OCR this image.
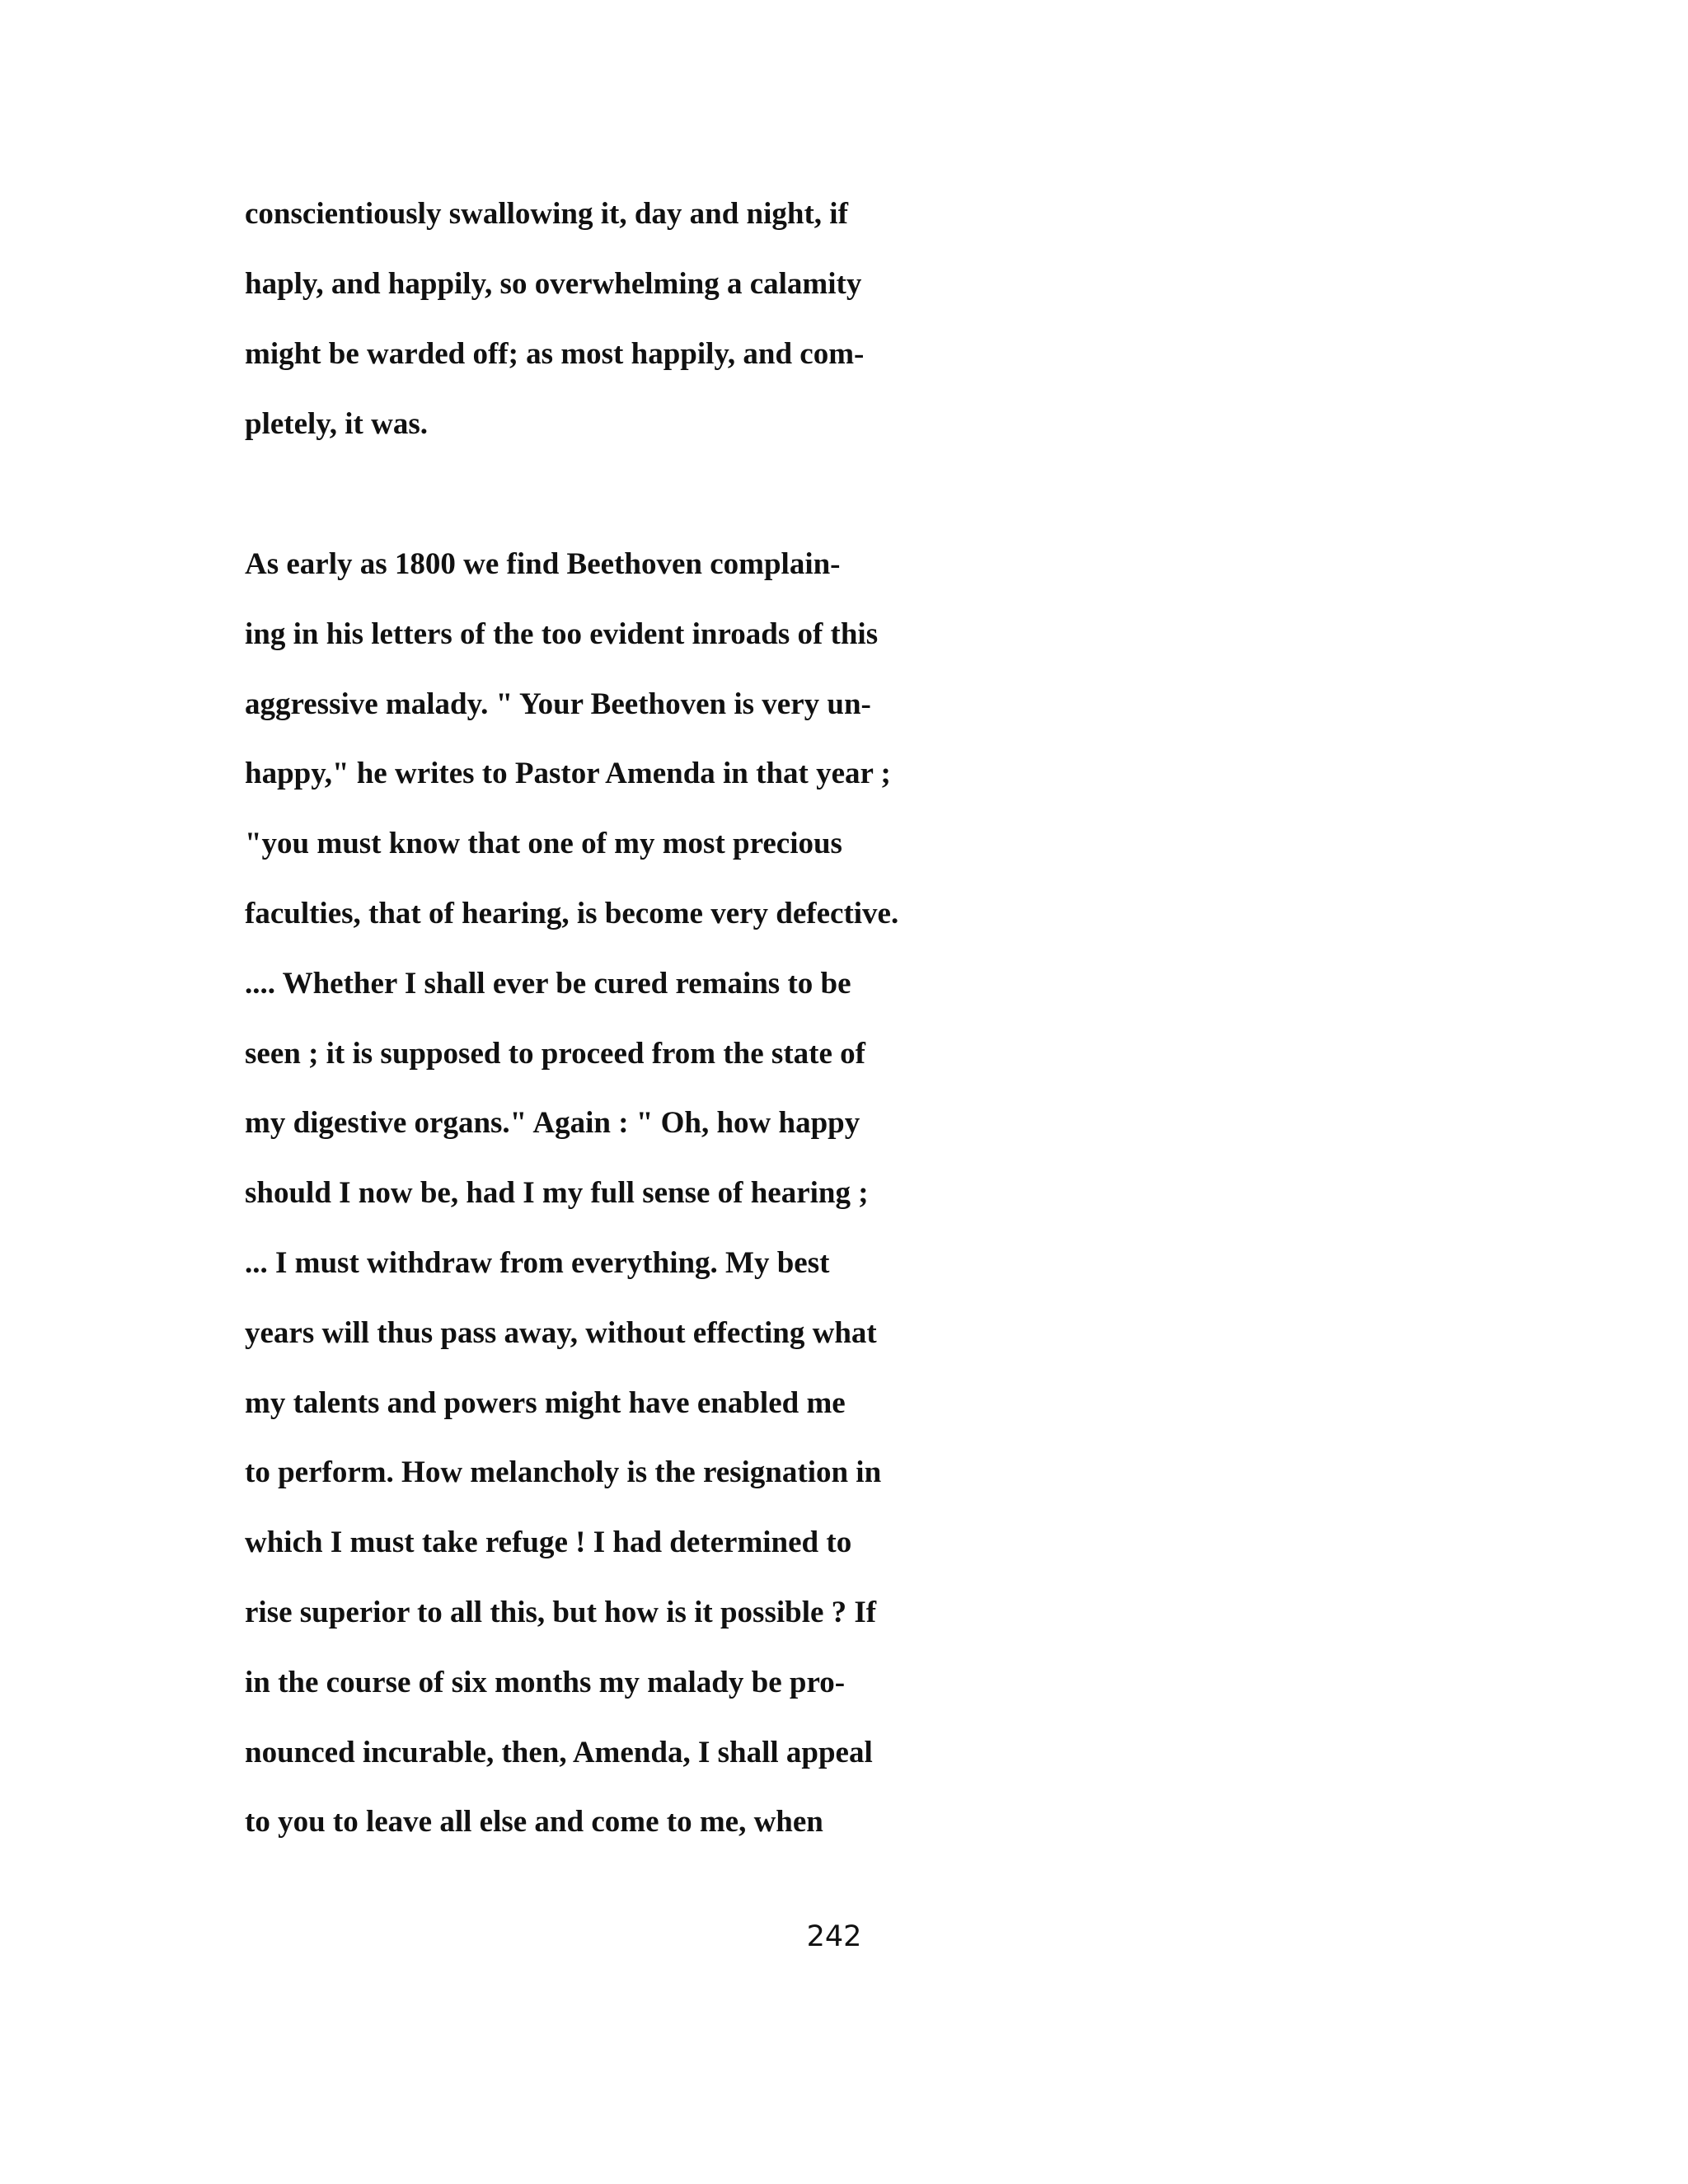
conscientiously swallowing it, day and night, if
haply, and happily, so overwhelming a calamity
might be warded off; as most happily, and com-
pletely, it was.
As early as 1800 we find Beethoven complain-
ing in his letters of the too evident inroads of this
aggressive malady. " Your Beethoven is very un-
happy," he writes to Pastor Amenda in that year ;
"you must know that one of my most precious
faculties, that of hearing, is become very defective.
.... Whether I shall ever be cured remains to be
seen ; it is supposed to proceed from the state of
my digestive organs." Again : " Oh, how happy
should I now be, had I my full sense of hearing ;
... I must withdraw from everything. My best
years will thus pass away, without effecting what
my talents and powers might have enabled me
to perform. How melancholy is the resignation in
which I must take refuge ! I had determined to
rise superior to all this, but how is it possible ? If
in the course of six months my malady be pro-
nounced incurable, then, Amenda, I shall appeal
to you to leave all else and come to me, when
242
